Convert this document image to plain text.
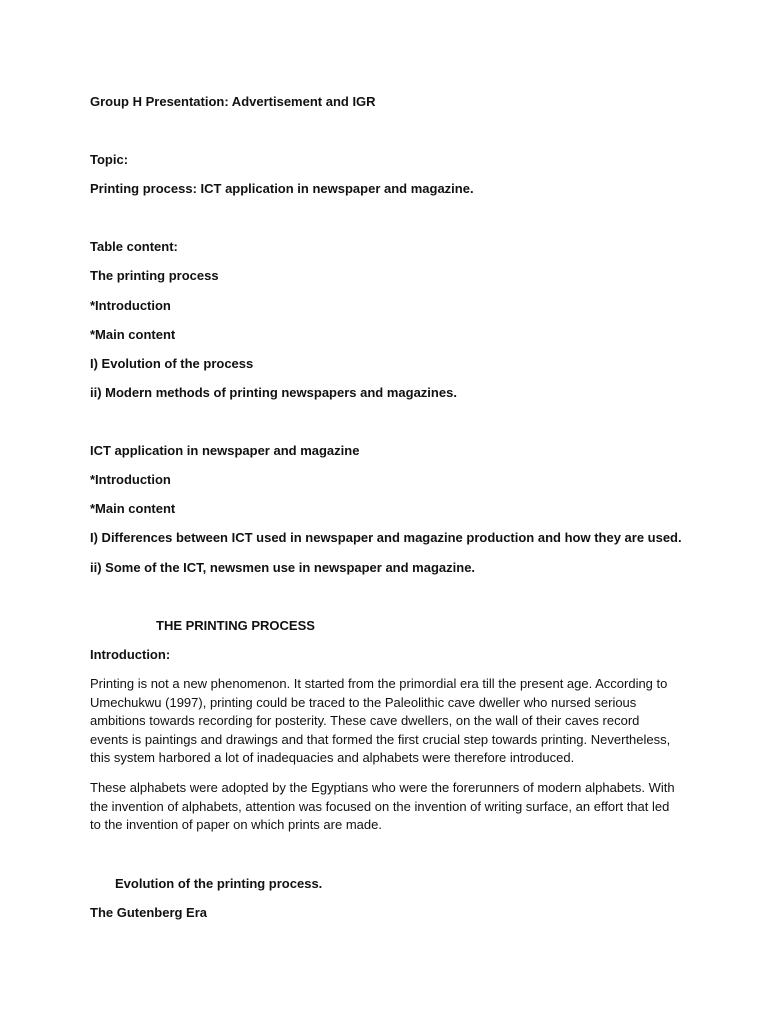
Group H Presentation: Advertisement and IGR

Topic:

Printing process: ICT application in newspaper and magazine.

Table content:

The printing process

*Introduction

*Main content

I) Evolution of the process

ii) Modern methods of printing newspapers and magazines.

ICT application in newspaper and magazine

*Introduction

*Main content

I) Differences between ICT used in newspaper and magazine production and how they are used.

ii) Some of the ICT, newsmen use in newspaper and magazine.

THE PRINTING PROCESS

Introduction:

Printing is not a new phenomenon. It started from the primordial era till the present age. According to Umechukwu (1997), printing could be traced to the Paleolithic cave dweller who nursed serious ambitions towards recording for posterity. These cave dwellers, on the wall of their caves record events is paintings and drawings and that formed the first crucial step towards printing. Nevertheless, this system harbored a lot of inadequacies and alphabets were therefore introduced.

These alphabets were adopted by the Egyptians who were the forerunners of modern alphabets. With the invention of alphabets, attention was focused on the invention of writing surface, an effort that led to the invention of paper on which prints are made.

Evolution of the printing process.

The Gutenberg Era
